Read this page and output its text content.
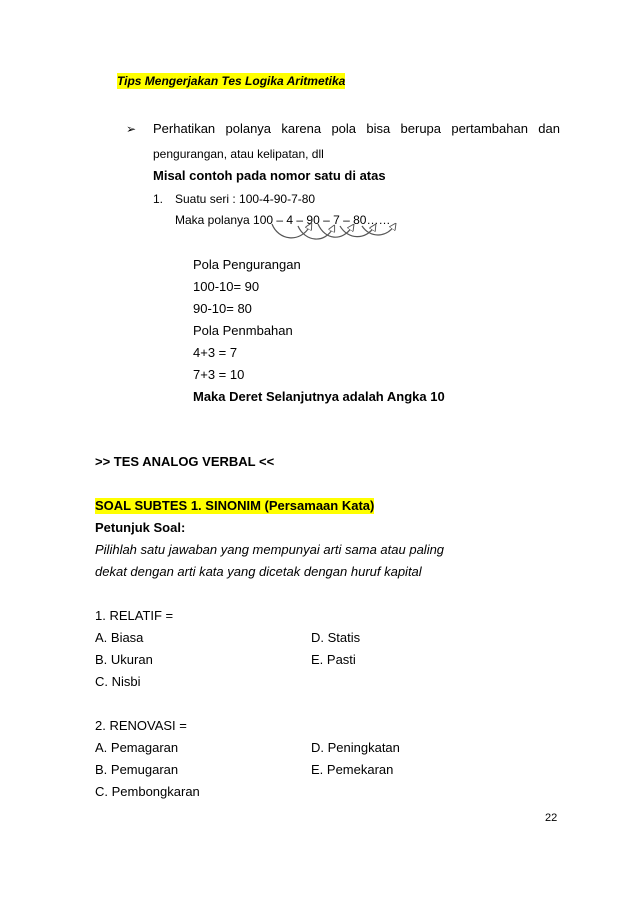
Tips Mengerjakan Tes Logika Aritmetika
➢ Perhatikan polanya karena pola bisa berupa pertambahan dan
pengurangan, atau kelipatan, dll
Misal contoh pada nomor satu di atas
1. Suatu seri : 100-4-90-7-80
Maka polanya 100 – 4 – 90 – 7 – 80……
Pola Pengurangan
100-10= 90
90-10= 80
Pola Penmbahan
4+3 = 7
7+3 = 10
Maka Deret Selanjutnya adalah Angka 10
>> TES ANALOG VERBAL <<
SOAL SUBTES 1. SINONIM (Persamaan Kata)
Petunjuk Soal:
Pilihlah satu jawaban yang mempunyai arti sama atau paling
dekat dengan arti kata yang dicetak dengan huruf kapital
1. RELATIF =
A. Biasa	D. Statis
B. Ukuran	E. Pasti
C. Nisbi
2. RENOVASI =
A. Pemagaran	D. Peningkatan
B. Pemugaran	E. Pemekaran
C. Pembongkaran
22
